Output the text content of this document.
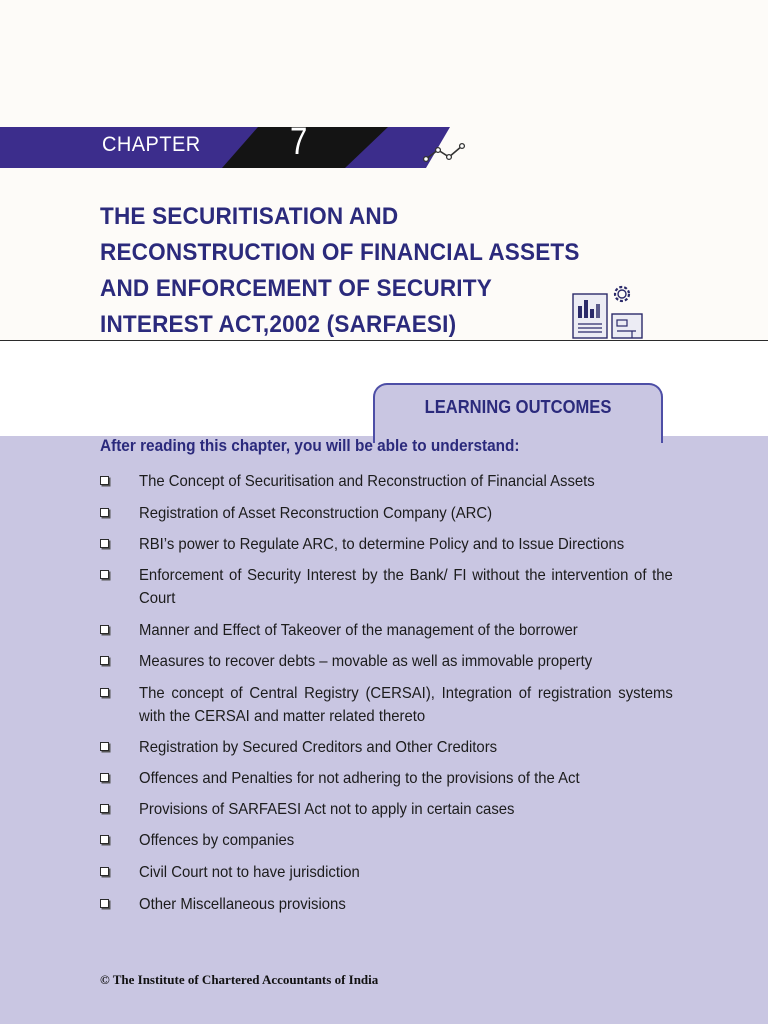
CHAPTER 7
THE SECURITISATION AND
RECONSTRUCTION OF FINANCIAL ASSETS
AND ENFORCEMENT OF SECURITY
INTEREST ACT,2002 (SARFAESI)
LEARNING OUTCOMES
After reading this chapter, you will be able to understand:
The Concept of Securitisation and Reconstruction of Financial Assets
Registration of Asset Reconstruction Company (ARC)
RBI’s power to Regulate ARC, to determine Policy and to Issue Directions
Enforcement of Security Interest by the Bank/ FI without the intervention of the Court
Manner and Effect of Takeover of the management of the borrower
Measures to recover debts – movable as well as immovable property
The concept of Central Registry (CERSAI), Integration of registration systems with the CERSAI and matter related thereto
Registration by Secured Creditors and Other Creditors
Offences and Penalties for not adhering to the provisions of the Act
Provisions of SARFAESI Act not to apply in certain cases
Offences by companies
Civil Court not to have jurisdiction
Other Miscellaneous provisions
© The Institute of Chartered Accountants of India
